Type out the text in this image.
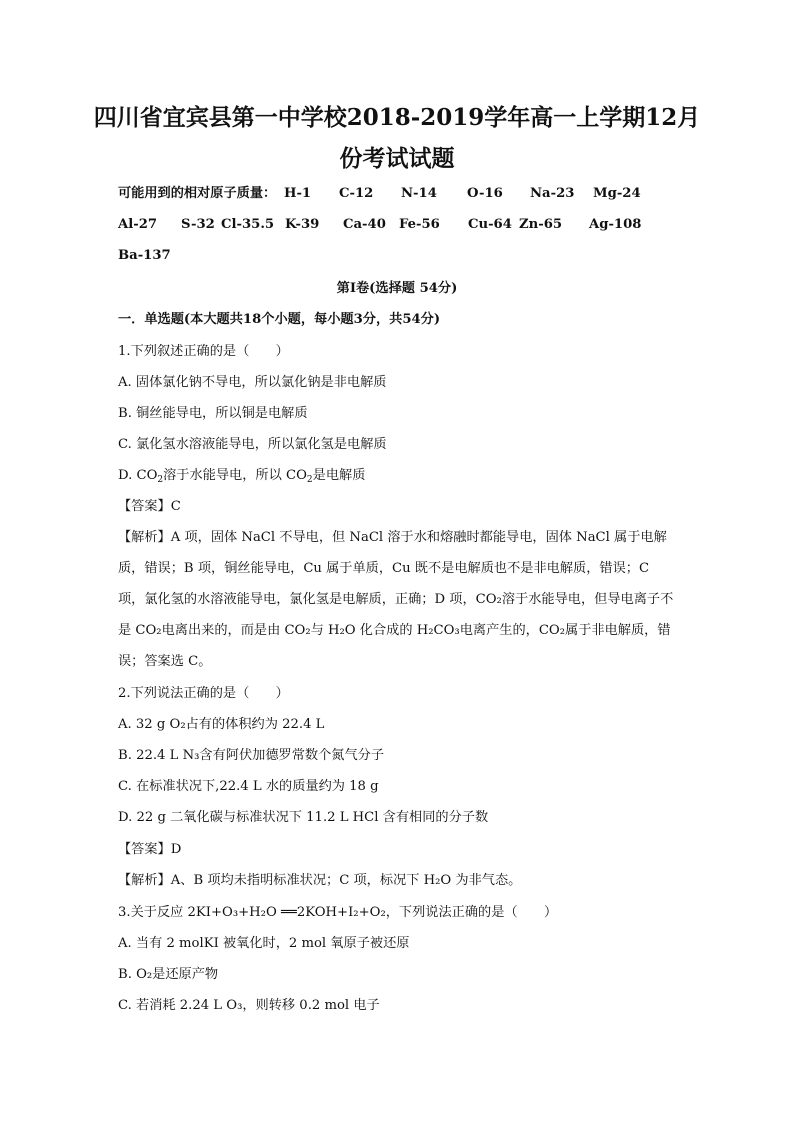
四川省宜宾县第一中学校2018-2019学年高一上学期12月
份考试试题
可能用到的相对原子质量： H-1 C-12 N-14 O-16 Na-23 Mg-24
Al-27 S-32 Cl-35.5 K-39 Ca-40 Fe-56 Cu-64 Zn-65 Ag-108
Ba-137
第Ⅰ卷(选择题 54分)
一．单选题(本大题共18个小题，每小题3分，共54分)
1.下列叙述正确的是（　　）
A. 固体氯化钠不导电，所以氯化钠是非电解质
B. 铜丝能导电，所以铜是电解质
C. 氯化氢水溶液能导电，所以氯化氢是电解质
D. $CO_2$溶于水能导电，所以 $CO_2$是电解质
【答案】C
【解析】A 项，固体 NaCl 不导电，但 NaCl 溶于水和熔融时都能导电，固体 NaCl 属于电解质，错误；B 项，铜丝能导电，Cu 属于单质，Cu 既不是电解质也不是非电解质，错误；C 项，氯化氢的水溶液能导电，氯化氢是电解质，正确；D 项，CO₂溶于水能导电，但导电离子不是 CO₂电离出来的，而是由 CO₂与 H₂O 化合成的 H₂CO₃电离产生的，CO₂属于非电解质，错误；答案选 C。
2.下列说法正确的是（　　）
A. 32 g O₂占有的体积约为 22.4 L
B. 22.4 L N₃含有阿伏加德罗常数个氮气分子
C. 在标准状况下,22.4 L 水的质量约为 18 g
D. 22 g 二氧化碳与标准状况下 11.2 L HCl 含有相同的分子数
【答案】D
【解析】A、B 项均未指明标准状况；C 项，标况下 H₂O 为非气态。
3.关于反应 2KI+O₃+H₂O ══2KOH+I₂+O₂，下列说法正确的是（　　）
A. 当有 2 molKI 被氧化时，2 mol 氧原子被还原
B. O₂是还原产物
C. 若消耗 2.24 L O₃，则转移 0.2 mol 电子
